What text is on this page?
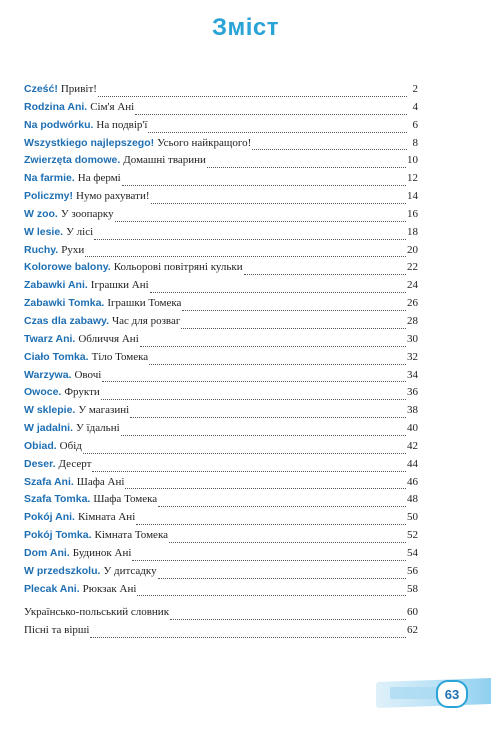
Зміст
Cześć! Привіт!	2
Rodzina Ani. Сім'я Ані	4
Na podwórku. На подвір'ї	6
Wszystkiego najlepszego! Усього найкращого!	8
Zwierzęta domowe. Домашні тварини	10
Na farmie. На фермі	12
Policzmy! Нумо рахувати!	14
W zoo. У зоопарку	16
W lesie. У лісі	18
Ruchy. Рухи	20
Kolorowe balony. Кольорові повітряні кульки	22
Zabawki Ani. Іграшки Ані	24
Zabawki Tomka. Іграшки Томека	26
Czas dla zabawy. Час для розваг	28
Twarz Ani. Обличчя Ані	30
Ciało Tomka. Тіло Томека	32
Warzywa. Овочі	34
Owoce. Фрукти	36
W sklepie. У магазині	38
W jadalni. У їдальні	40
Obiad. Обід	42
Deser. Десерт	44
Szafa Ani. Шафа Ані	46
Szafa Tomka. Шафа Томека	48
Pokój Ani. Кімната Ані	50
Pokój Tomka. Кімната Томека	52
Dom Ani. Будинок Ані	54
W przedszkolu. У дитсадку	56
Plecak Ani. Рюкзак Ані	58
Українсько-польський словник	60
Пісні та вірші	62
63
